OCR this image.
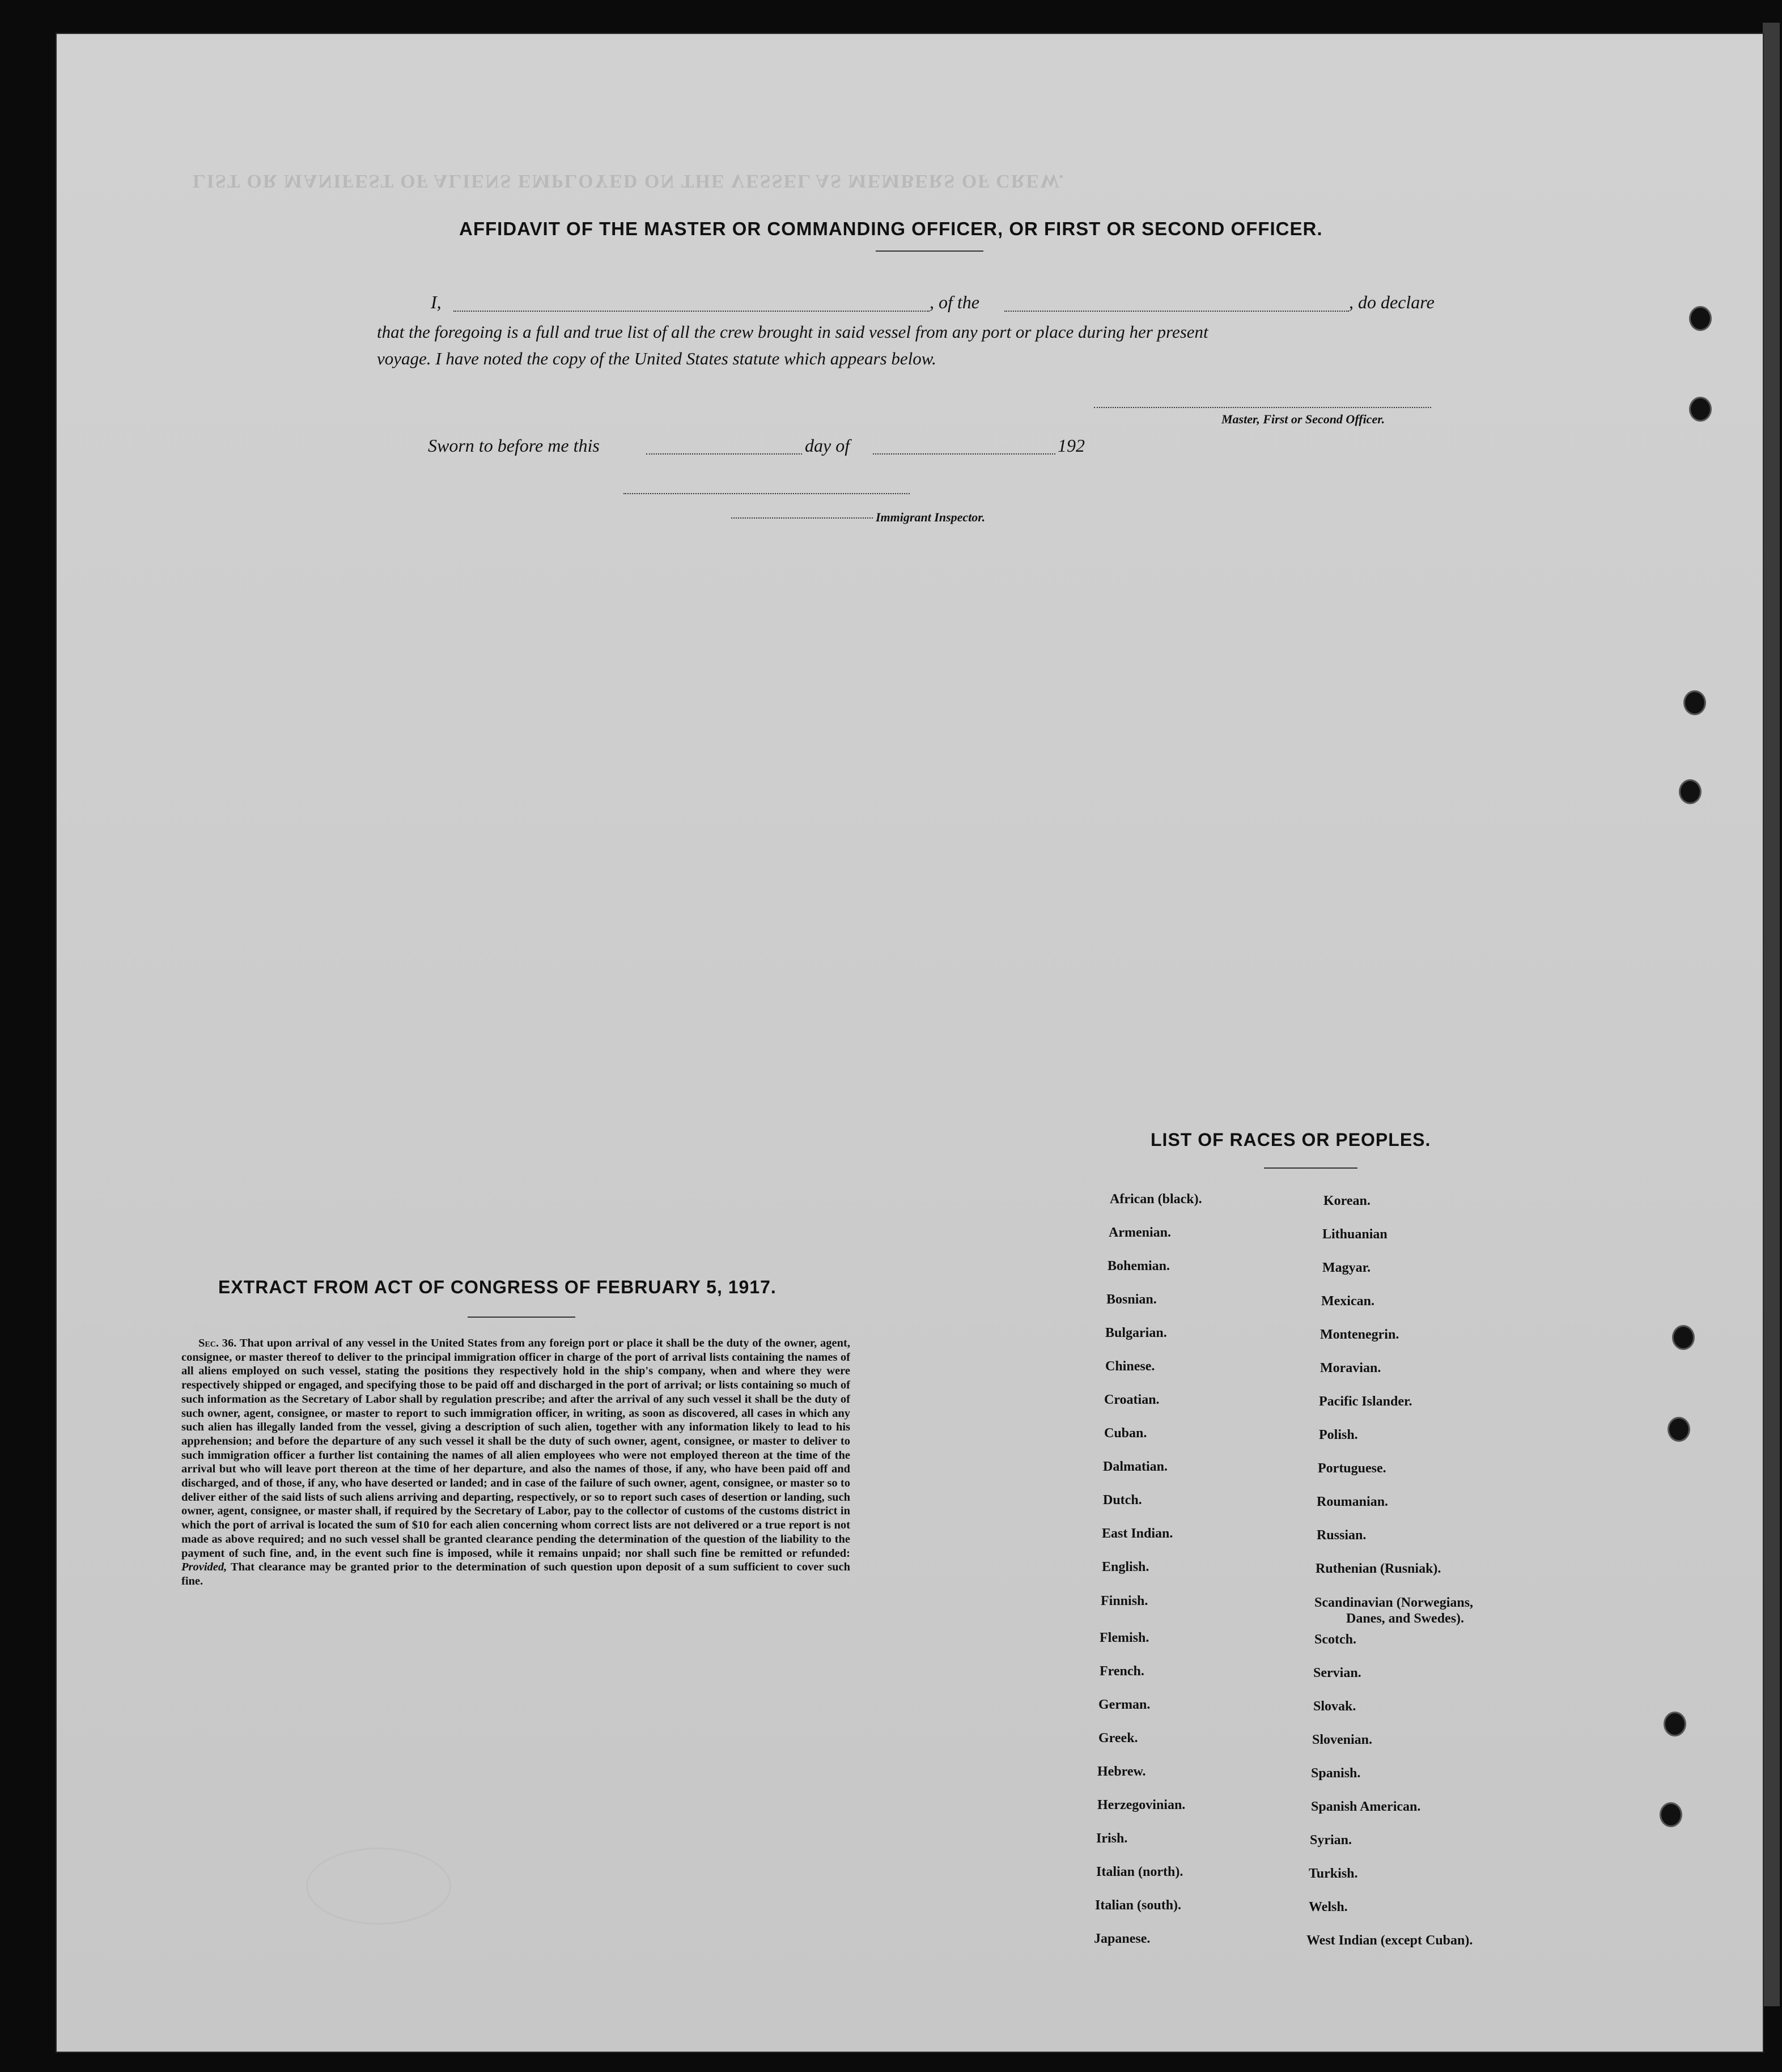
LIST OR MANIFEST OF ALIENS EMPLOYED ON THE VESSEL AS MEMBERS OF CREW.
AFFIDAVIT OF THE MASTER OR COMMANDING OFFICER, OR FIRST OR SECOND OFFICER.
I,	, of the	, do declare
that the foregoing is a full and true list of all the crew brought in said vessel from any port or place during her present
voyage. I have noted the copy of the United States statute which appears below.
Master, First or Second Officer.
Sworn to before me this	day of	192
Immigrant Inspector.
EXTRACT FROM ACT OF CONGRESS OF FEBRUARY 5, 1917.
Sec. 36. That upon arrival of any vessel in the United States from any foreign port or place it shall be the duty of the owner, agent, consignee, or master thereof to deliver to the principal immigration officer in charge of the port of arrival lists containing the names of all aliens employed on such vessel, stating the positions they respectively hold in the ship's company, when and where they were respectively shipped or engaged, and specifying those to be paid off and discharged in the port of arrival; or lists containing so much of such information as the Secretary of Labor shall by regulation prescribe; and after the arrival of any such vessel it shall be the duty of such owner, agent, consignee, or master to report to such immigration officer, in writing, as soon as discovered, all cases in which any such alien has illegally landed from the vessel, giving a description of such alien, together with any information likely to lead to his apprehension; and before the departure of any such vessel it shall be the duty of such owner, agent, consignee, or master to deliver to such immigration officer a further list containing the names of all alien employees who were not employed thereon at the time of the arrival but who will leave port thereon at the time of her departure, and also the names of those, if any, who have been paid off and discharged, and of those, if any, who have deserted or landed; and in case of the failure of such owner, agent, consignee, or master so to deliver either of the said lists of such aliens arriving and departing, respectively, or so to report such cases of desertion or landing, such owner, agent, consignee, or master shall, if required by the Secretary of Labor, pay to the collector of customs of the customs district in which the port of arrival is located the sum of $10 for each alien concerning whom correct lists are not delivered or a true report is not made as above required; and no such vessel shall be granted clearance pending the determination of the question of the liability to the payment of such fine, and, in the event such fine is imposed, while it remains unpaid; nor shall such fine be remitted or refunded: Provided, That clearance may be granted prior to the determination of such question upon deposit of a sum sufficient to cover such fine.
LIST OF RACES OR PEOPLES.
African (black).
Armenian.
Bohemian.
Bosnian.
Bulgarian.
Chinese.
Croatian.
Cuban.
Dalmatian.
Dutch.
East Indian.
English.
Finnish.
Flemish.
French.
German.
Greek.
Hebrew.
Herzegovinian.
Irish.
Italian (north).
Italian (south).
Japanese.
Korean.
Lithuanian
Magyar.
Mexican.
Montenegrin.
Moravian.
Pacific Islander.
Polish.
Portuguese.
Roumanian.
Russian.
Ruthenian (Rusniak).
Scandinavian (Norwegians,
Danes, and Swedes).
Scotch.
Servian.
Slovak.
Slovenian.
Spanish.
Spanish American.
Syrian.
Turkish.
Welsh.
West Indian (except Cuban).
